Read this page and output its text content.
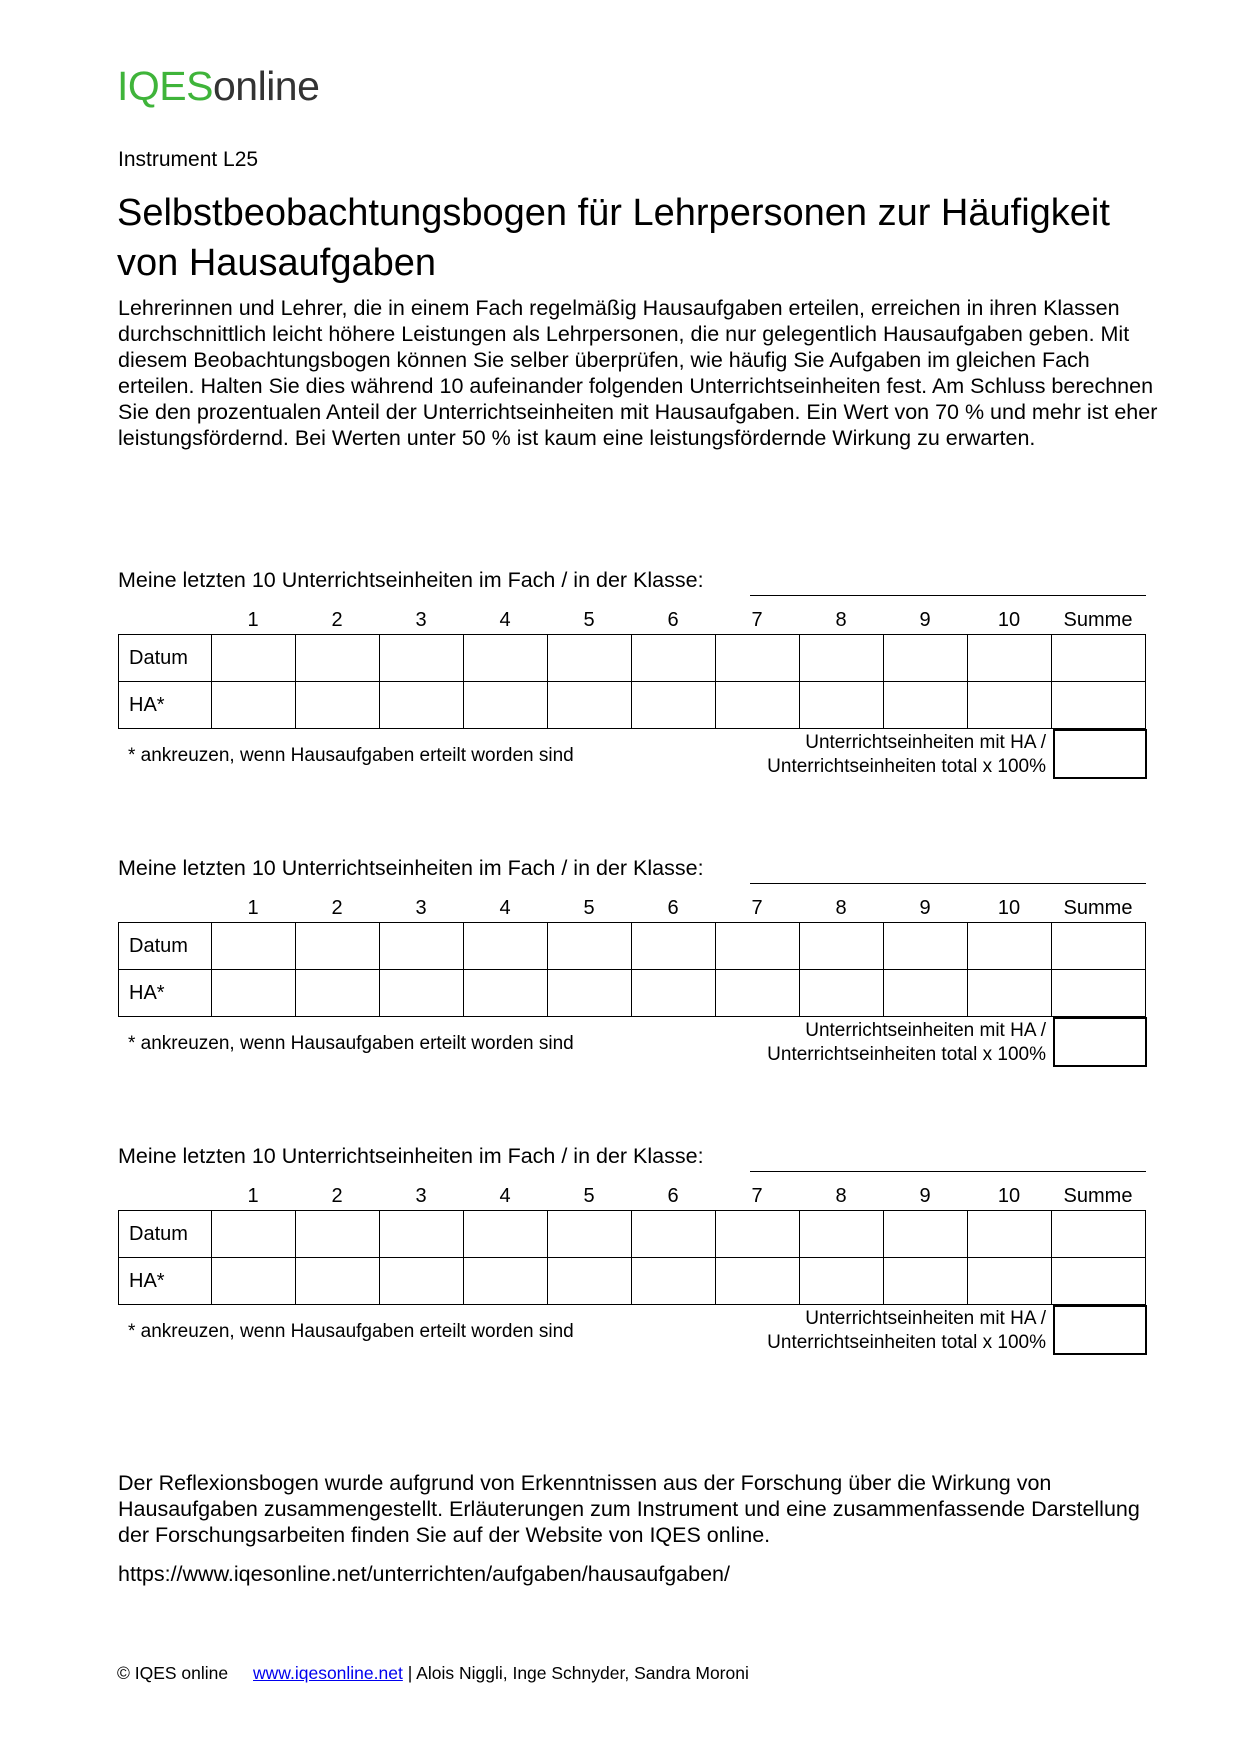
IQESonline
Instrument L25
Selbstbeobachtungsbogen für Lehrpersonen zur Häufigkeit von Hausaufgaben

Lehrerinnen und Lehrer, die in einem Fach regelmäßig Hausaufgaben erteilen, erreichen in ihren Klassen durchschnittlich leicht höhere Leistungen als Lehrpersonen, die nur gelegentlich Hausaufgaben geben. Mit diesem Beobachtungsbogen können Sie selber überprüfen, wie häufig Sie Aufgaben im gleichen Fach erteilen. Halten Sie dies während 10 aufeinander folgenden Unterrichtseinheiten fest. Am Schluss berechnen Sie den prozentualen Anteil der Unterrichtseinheiten mit Hausaufgaben. Ein Wert von 70 % und mehr ist eher leistungsfördernd. Bei Werten unter 50 % ist kaum eine leistungsfördernde Wirkung zu erwarten.

Meine letzten 10 Unterrichtseinheiten im Fach / in der Klasse:
1	2	3	4	5	6	7	8	9	10 Summe
Datum											
HA*											
* ankreuzen, wenn Hausaufgaben erteilt worden sind
Unterrichtseinheiten mit HA /
Unterrichtseinheiten total x 100%
Meine letzten 10 Unterrichtseinheiten im Fach / in der Klasse:
1	2	3	4	5	6	7	8	9	10 Summe
Datum											
HA*											
* ankreuzen, wenn Hausaufgaben erteilt worden sind
Unterrichtseinheiten mit HA /
Unterrichtseinheiten total x 100%
Meine letzten 10 Unterrichtseinheiten im Fach / in der Klasse:
1	2	3	4	5	6	7	8	9	10 Summe
Datum											
HA*											
* ankreuzen, wenn Hausaufgaben erteilt worden sind
Unterrichtseinheiten mit HA /
Unterrichtseinheiten total x 100%

Der Reflexionsbogen wurde aufgrund von Erkenntnissen aus der Forschung über die Wirkung von Hausaufgaben zusammengestellt. Erläuterungen zum Instrument und eine zusammenfassende Darstellung der Forschungsarbeiten finden Sie auf der Website von IQES online.

https://www.iqesonline.net/unterrichten/aufgaben/hausaufgaben/
© IQES online www.iqesonline.net | Alois Niggli, Inge Schnyder, Sandra Moroni
